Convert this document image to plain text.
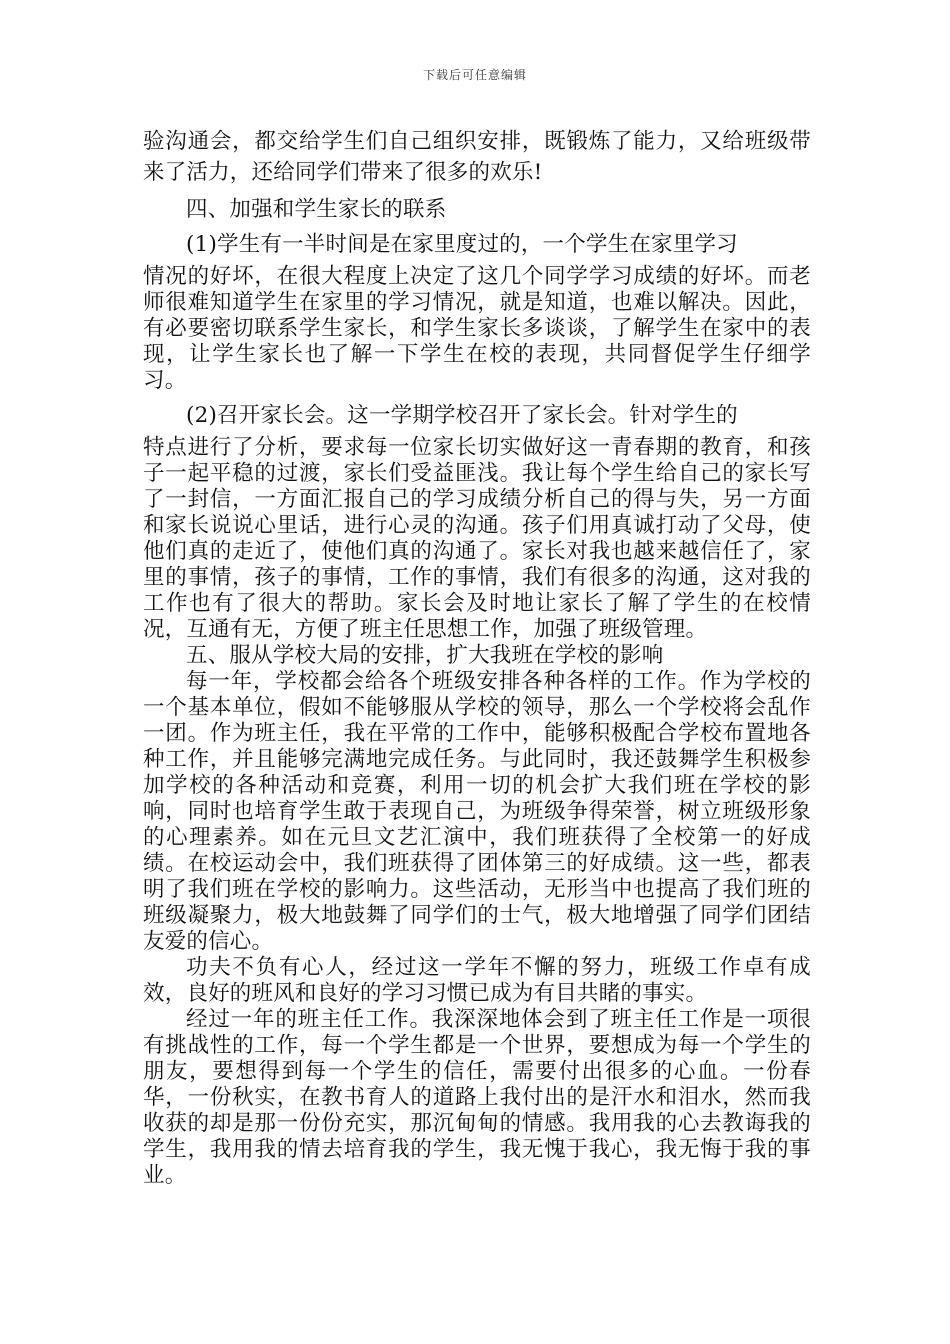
下载后可任意编辑

验沟通会，都交给学生们自己组织安排，既锻炼了能力，又给班级带来了活力，还给同学们带来了很多的欢乐!

四、加强和学生家长的联系

(1)学生有一半时间是在家里度过的，一个学生在家里学习

情况的好坏，在很大程度上决定了这几个同学学习成绩的好坏。而老师很难知道学生在家里的学习情况，就是知道，也难以解决。因此，有必要密切联系学生家长，和学生家长多谈谈，了解学生在家中的表现，让学生家长也了解一下学生在校的表现，共同督促学生仔细学习。

(2)召开家长会。这一学期学校召开了家长会。针对学生的

特点进行了分析，要求每一位家长切实做好这一青春期的教育，和孩子一起平稳的过渡，家长们受益匪浅。我让每个学生给自己的家长写了一封信，一方面汇报自己的学习成绩分析自己的得与失，另一方面和家长说说心里话，进行心灵的沟通。孩子们用真诚打动了父母，使他们真的走近了，使他们真的沟通了。家长对我也越来越信任了，家里的事情，孩子的事情，工作的事情，我们有很多的沟通，这对我的工作也有了很大的帮助。家长会及时地让家长了解了学生的在校情况，互通有无，方便了班主任思想工作，加强了班级管理。

五、服从学校大局的安排，扩大我班在学校的影响

每一年，学校都会给各个班级安排各种各样的工作。作为学校的一个基本单位，假如不能够服从学校的领导，那么一个学校将会乱作一团。作为班主任，我在平常的工作中，能够积极配合学校布置地各种工作，并且能够完满地完成任务。与此同时，我还鼓舞学生积极参加学校的各种活动和竞赛，利用一切的机会扩大我们班在学校的影响，同时也培育学生敢于表现自己，为班级争得荣誉，树立班级形象的心理素养。如在元旦文艺汇演中，我们班获得了全校第一的好成绩。在校运动会中，我们班获得了团体第三的好成绩。这一些，都表明了我们班在学校的影响力。这些活动，无形当中也提高了我们班的班级凝聚力，极大地鼓舞了同学们的士气，极大地增强了同学们团结友爱的信心。

功夫不负有心人，经过这一学年不懈的努力，班级工作卓有成效，良好的班风和良好的学习习惯已成为有目共睹的事实。

经过一年的班主任工作。我深深地体会到了班主任工作是一项很有挑战性的工作，每一个学生都是一个世界，要想成为每一个学生的朋友，要想得到每一个学生的信任，需要付出很多的心血。一份春华，一份秋实，在教书育人的道路上我付出的是汗水和泪水，然而我收获的却是那一份份充实，那沉甸甸的情感。我用我的心去教诲我的学生，我用我的情去培育我的学生，我无愧于我心，我无悔于我的事业。
